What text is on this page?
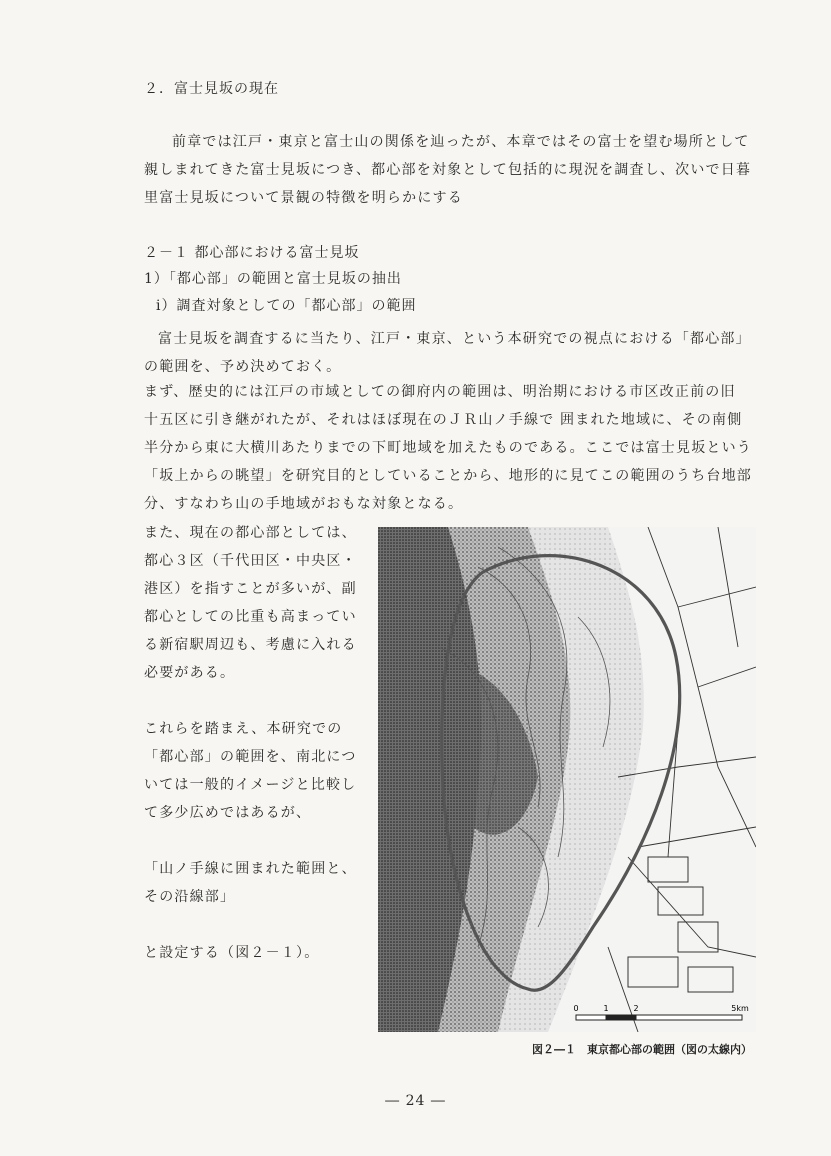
２．富士見坂の現在
前章では江戸・東京と富士山の関係を辿ったが、本章ではその富士を望む場所として
親しまれてきた富士見坂につき、都心部を対象として包括的に現況を調査し、次いで日暮
里富士見坂について景観の特徴を明らかにする
２－１ 都心部における富士見坂
1）「都心部」の範囲と富士見坂の抽出
i）調査対象としての「都心部」の範囲
富士見坂を調査するに当たり、江戸・東京、という本研究での視点における「都心部」
の範囲を、予め決めておく。
まず、歴史的には江戸の市域としての御府内の範囲は、明治期における市区改正前の旧
十五区に引き継がれたが、それはほぼ現在のＪＲ山ノ手線で 囲まれた地域に、その南側
半分から東に大横川あたりまでの下町地域を加えたものである。ここでは富士見坂という
「坂上からの眺望」を研究目的としていることから、地形的に見てこの範囲のうち台地部
分、すなわち山の手地域がおもな対象となる。
また、現在の都心部としては、
都心３区（千代田区・中央区・
港区）を指すことが多いが、副
都心としての比重も高まってい
る新宿駅周辺も、考慮に入れる
必要がある。
これらを踏まえ、本研究での
「都心部」の範囲を、南北につ
いては一般的イメージと比較し
て多少広めではあるが、
「山ノ手線に囲まれた範囲と、
その沿線部」
と設定する（図２－１）。
0	1	2	5km
図２―１　東京都心部の範囲（図の太線内）
― 24 ―
